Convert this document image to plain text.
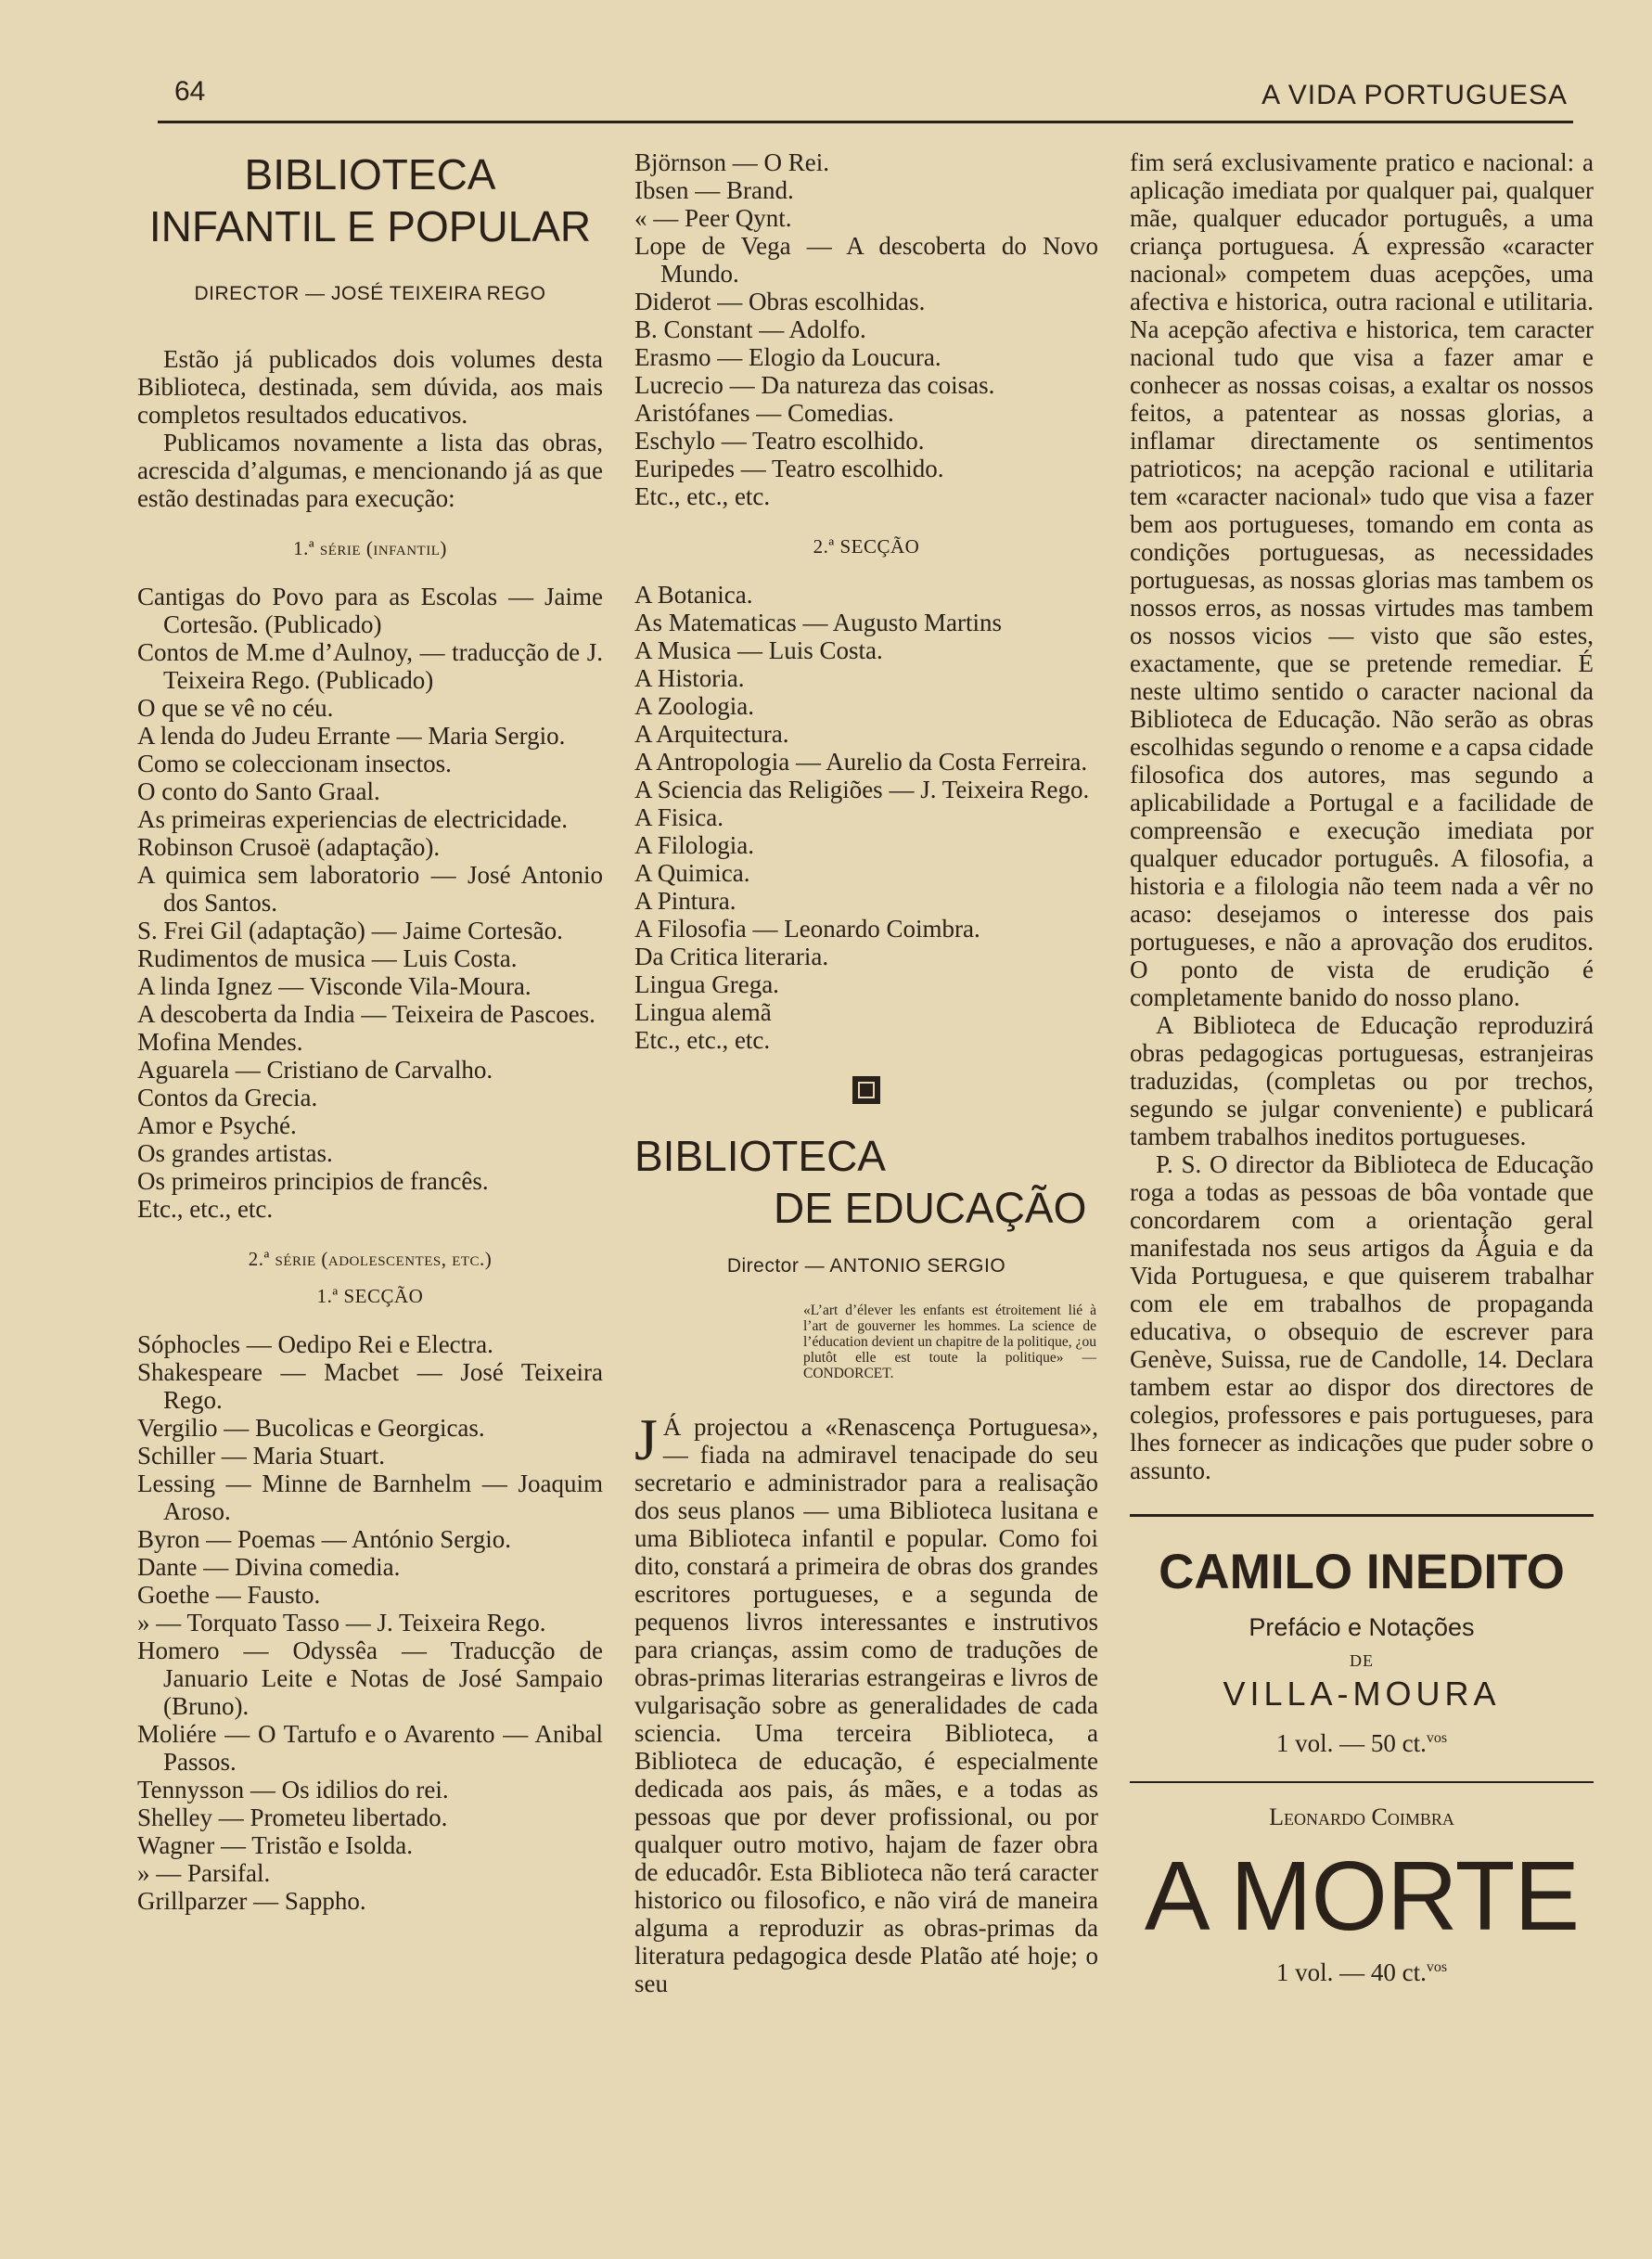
64	A VIDA PORTUGUESA
BIBLIOTECA
INFANTIL E POPULAR
DIRECTOR — JOSÉ TEIXEIRA REGO

Estão já publicados dois volumes desta Biblioteca, destinada, sem dúvida, aos mais completos resultados educativos.

Publicamos novamente a lista das obras, acrescida d’algumas, e mencionando já as que estão destinadas para execução:

1.ª série (infantil)

Cantigas do Povo para as Escolas — Jaime Cortesão. (Publicado)

Contos de M.me d’Aulnoy, — traducção de J. Teixeira Rego. (Publicado)

O que se vê no céu.

A lenda do Judeu Errante — Maria Sergio.

Como se coleccionam insectos.

O conto do Santo Graal.

As primeiras experiencias de electricidade.

Robinson Crusoë (adaptação).

A quimica sem laboratorio — José Antonio dos Santos.

S. Frei Gil (adaptação) — Jaime Cortesão.

Rudimentos de musica — Luis Costa.

A linda Ignez — Visconde Vila-Moura.

A descoberta da India — Teixeira de Pascoes.

Mofina Mendes.

Aguarela — Cristiano de Carvalho.

Contos da Grecia.

Amor e Psyché.

Os grandes artistas.

Os primeiros principios de francês.

Etc., etc., etc.

2.ª série (adolescentes, etc.)
1.ª SECÇÃO

Sóphocles — Oedipo Rei e Electra.

Shakespeare — Macbet — José Teixeira Rego.

Vergilio — Bucolicas e Georgicas.

Schiller — Maria Stuart.

Lessing — Minne de Barnhelm — Joaquim Aroso.

Byron — Poemas — António Sergio.

Dante — Divina comedia.

Goethe — Fausto.

» — Torquato Tasso — J. Teixeira Rego.

Homero — Odyssêa — Traducção de Januario Leite e Notas de José Sampaio (Bruno).

Moliére — O Tartufo e o Avarento — Anibal Passos.

Tennysson — Os idilios do rei.

Shelley — Prometeu libertado.

Wagner — Tristão e Isolda.

» — Parsifal.

Grillparzer — Sappho.

Björnson — O Rei.

Ibsen — Brand.

« — Peer Qynt.

Lope de Vega — A descoberta do Novo Mundo.

Diderot — Obras escolhidas.

B. Constant — Adolfo.

Erasmo — Elogio da Loucura.

Lucrecio — Da natureza das coisas.

Aristófanes — Comedias.

Eschylo — Teatro escolhido.

Euripedes — Teatro escolhido.

Etc., etc., etc.

2.ª SECÇÃO

A Botanica.

As Matematicas — Augusto Martins

A Musica — Luis Costa.

A Historia.

A Zoologia.

A Arquitectura.

A Antropologia — Aurelio da Costa Ferreira.

A Sciencia das Religiões — J. Teixeira Rego.

A Fisica.

A Filologia.

A Quimica.

A Pintura.

A Filosofia — Leonardo Coimbra.

Da Critica literaria.

Lingua Grega.

Lingua alemã

Etc., etc., etc.

BIBLIOTECA
DE EDUCAÇÃO
Director — ANTONIO SERGIO
«L’art d’élever les enfants est étroitement lié à l’art de gouverner les hommes. La science de l’éducation devient un chapitre de la politique, ¿ou plutôt elle est toute la politique» — CONDORCET.

J Á projectou a «Renascença Portuguesa», — fiada na admiravel tenacipade do seu secretario e administrador para a realisação dos seus planos — uma Biblioteca lusitana e uma Biblioteca infantil e popular. Como foi dito, constará a primeira de obras dos grandes escritores portugueses, e a segunda de pequenos livros interessantes e instrutivos para crianças, assim como de traduções de obras-primas literarias estrangeiras e livros de vulgarisação sobre as generalidades de cada sciencia. Uma terceira Biblioteca, a Biblioteca de educação, é especialmente dedicada aos pais, ás mães, e a todas as pessoas que por dever profissional, ou por qualquer outro motivo, hajam de fazer obra de educadôr. Esta Biblioteca não terá caracter historico ou filosofico, e não virá de maneira alguma a reproduzir as obras-primas da literatura pedagogica desde Platão até hoje; o seu

fim será exclusivamente pratico e nacional: a aplicação imediata por qualquer pai, qualquer mãe, qualquer educador português, a uma criança portuguesa. Á expressão «caracter nacional» competem duas acepções, uma afectiva e historica, outra racional e utilitaria. Na acepção afectiva e historica, tem caracter nacional tudo que visa a fazer amar e conhecer as nossas coisas, a exaltar os nossos feitos, a patentear as nossas glorias, a inflamar directamente os sentimentos patrioticos; na acepção racional e utilitaria tem «caracter nacional» tudo que visa a fazer bem aos portugueses, tomando em conta as condições portuguesas, as necessidades portuguesas, as nossas glorias mas tambem os nossos erros, as nossas virtudes mas tambem os nossos vicios — visto que são estes, exactamente, que se pretende remediar. É neste ultimo sentido o caracter nacional da Biblioteca de Educação. Não serão as obras escolhidas segundo o renome e a capsa cidade filosofica dos autores, mas segundo a aplicabilidade a Portugal e a facilidade de compreensão e execução imediata por qualquer educador português. A filosofia, a historia e a filologia não teem nada a vêr no acaso: desejamos o interesse dos pais portugueses, e não a aprovação dos eruditos. O ponto de vista de erudição é completamente banido do nosso plano.

A Biblioteca de Educação reproduzirá obras pedagogicas portuguesas, estranjeiras traduzidas, (completas ou por trechos, segundo se julgar conveniente) e publicará tambem trabalhos ineditos portugueses.

P. S. O director da Biblioteca de Educação roga a todas as pessoas de bôa vontade que concordarem com a orientação geral manifestada nos seus artigos da Águia e da Vida Portuguesa, e que quiserem trabalhar com ele em trabalhos de propaganda educativa, o obsequio de escrever para Genève, Suissa, rue de Candolle, 14. Declara tambem estar ao dispor dos directores de colegios, professores e pais portugueses, para lhes fornecer as indicações que puder sobre o assunto.

CAMILO INEDITO
Prefácio e Notações
DE
VILLA-MOURA
1 vol. — 50 ct.$^{vos}$
Leonardo Coimbra
A MORTE
1 vol. — 40 ct.$^{vos}$
